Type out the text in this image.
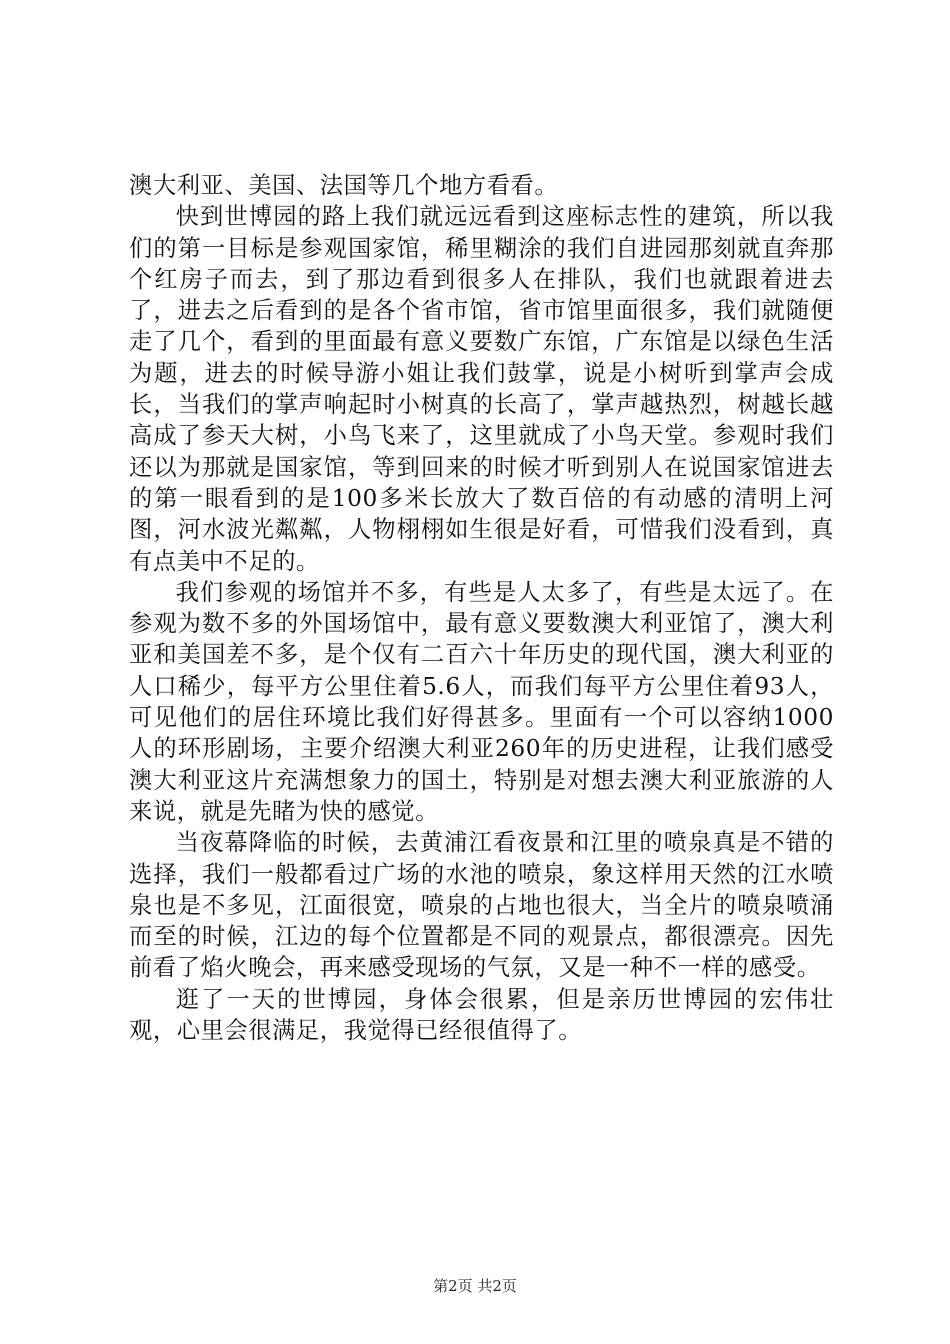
澳大利亚、美国、法国等几个地方看看。

快到世博园的路上我们就远远看到这座标志性的建筑，所以我们的第一目标是参观国家馆，稀里糊涂的我们自进园那刻就直奔那个红房子而去，到了那边看到很多人在排队，我们也就跟着进去了，进去之后看到的是各个省市馆，省市馆里面很多，我们就随便走了几个，看到的里面最有意义要数广东馆，广东馆是以绿色生活为题，进去的时候导游小姐让我们鼓掌，说是小树听到掌声会成长，当我们的掌声响起时小树真的长高了，掌声越热烈，树越长越高成了参天大树，小鸟飞来了，这里就成了小鸟天堂。参观时我们还以为那就是国家馆，等到回来的时候才听到别人在说国家馆进去的第一眼看到的是100多米长放大了数百倍的有动感的清明上河图，河水波光粼粼，人物栩栩如生很是好看，可惜我们没看到，真有点美中不足的。

我们参观的场馆并不多，有些是人太多了，有些是太远了。在参观为数不多的外国场馆中，最有意义要数澳大利亚馆了，澳大利亚和美国差不多，是个仅有二百六十年历史的现代国，澳大利亚的人口稀少，每平方公里住着5.6人，而我们每平方公里住着93人，可见他们的居住环境比我们好得甚多。里面有一个可以容纳1000人的环形剧场，主要介绍澳大利亚260年的历史进程，让我们感受澳大利亚这片充满想象力的国土，特别是对想去澳大利亚旅游的人来说，就是先睹为快的感觉。

当夜幕降临的时候，去黄浦江看夜景和江里的喷泉真是不错的选择，我们一般都看过广场的水池的喷泉，象这样用天然的江水喷泉也是不多见，江面很宽，喷泉的占地也很大，当全片的喷泉喷涌而至的时候，江边的每个位置都是不同的观景点，都很漂亮。因先前看了焰火晚会，再来感受现场的气氛，又是一种不一样的感受。

逛了一天的世博园，身体会很累，但是亲历世博园的宏伟壮观，心里会很满足，我觉得已经很值得了。

第2页 共2页
